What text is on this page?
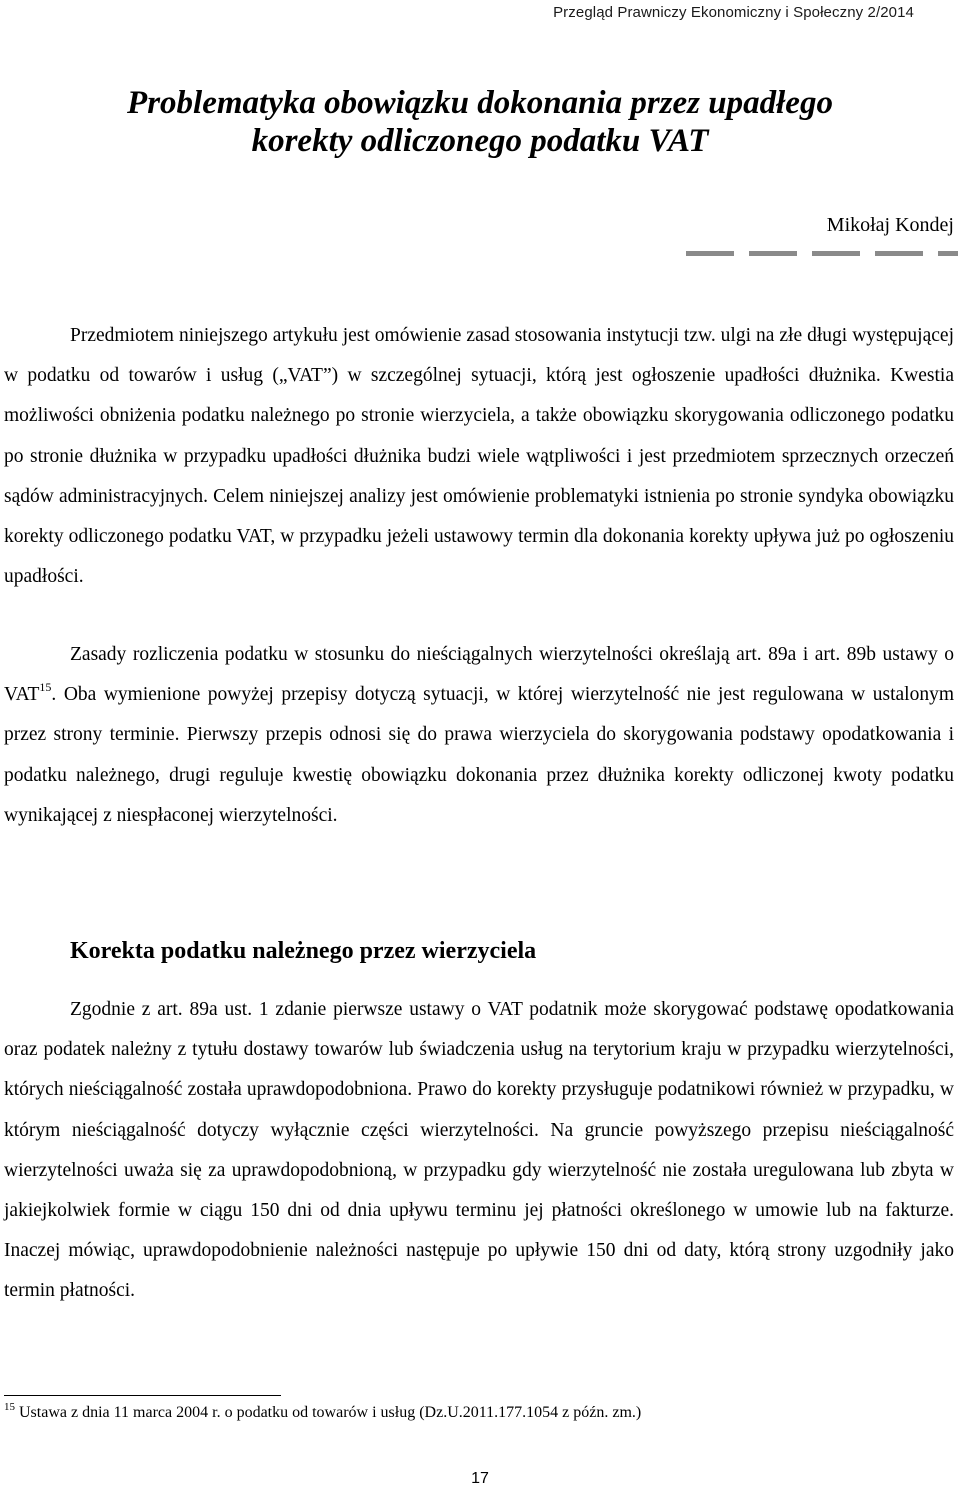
Przegląd Prawniczy Ekonomiczny i Społeczny 2/2014
Problematyka obowiązku dokonania przez upadłego
korekty odliczonego podatku VAT
Mikołaj Kondej

Przedmiotem niniejszego artykułu jest omówienie zasad stosowania instytucji tzw. ulgi na złe długi występującej w podatku od towarów i usług („VAT”) w szczególnej sytuacji, którą jest ogłoszenie upadłości dłużnika. Kwestia możliwości obniżenia podatku należnego po stronie wierzyciela, a także obowiązku skorygowania odliczonego podatku po stronie dłużnika w przypadku upadłości dłużnika budzi wiele wątpliwości i jest przedmiotem sprzecznych orzeczeń sądów administracyjnych. Celem niniejszej analizy jest omówienie problematyki istnienia po stronie syndyka obowiązku korekty odliczonego podatku VAT, w przypadku jeżeli ustawowy termin dla dokonania korekty upływa już po ogłoszeniu upadłości.

Zasady rozliczenia podatku w stosunku do nieściągalnych wierzytelności określają art. 89a i art. 89b ustawy o VAT$^{15}$. Oba wymienione powyżej przepisy dotyczą sytuacji, w której wierzytelność nie jest regulowana w ustalonym przez strony terminie. Pierwszy przepis odnosi się do prawa wierzyciela do skorygowania podstawy opodatkowania i podatku należnego, drugi reguluje kwestię obowiązku dokonania przez dłużnika korekty odliczonej kwoty podatku wynikającej z niespłaconej wierzytelności.

Korekta podatku należnego przez wierzyciela

Zgodnie z art. 89a ust. 1 zdanie pierwsze ustawy o VAT podatnik może skorygować podstawę opodatkowania oraz podatek należny z tytułu dostawy towarów lub świadczenia usług na terytorium kraju w przypadku wierzytelności, których nieściągalność została uprawdopodobniona. Prawo do korekty przysługuje podatnikowi również w przypadku, w którym nieściągalność dotyczy wyłącznie części wierzytelności. Na gruncie powyższego przepisu nieściągalność wierzytelności uważa się za uprawdopodobnioną, w przypadku gdy wierzytelność nie została uregulowana lub zbyta w jakiejkolwiek formie w ciągu 150 dni od dnia upływu terminu jej płatności określonego w umowie lub na fakturze. Inaczej mówiąc, uprawdopodobnienie należności następuje po upływie 150 dni od daty, którą strony uzgodniły jako termin płatności.

$^{15}$ Ustawa z dnia 11 marca 2004 r. o podatku od towarów i usług (Dz.U.2011.177.1054 z późn. zm.)

17
